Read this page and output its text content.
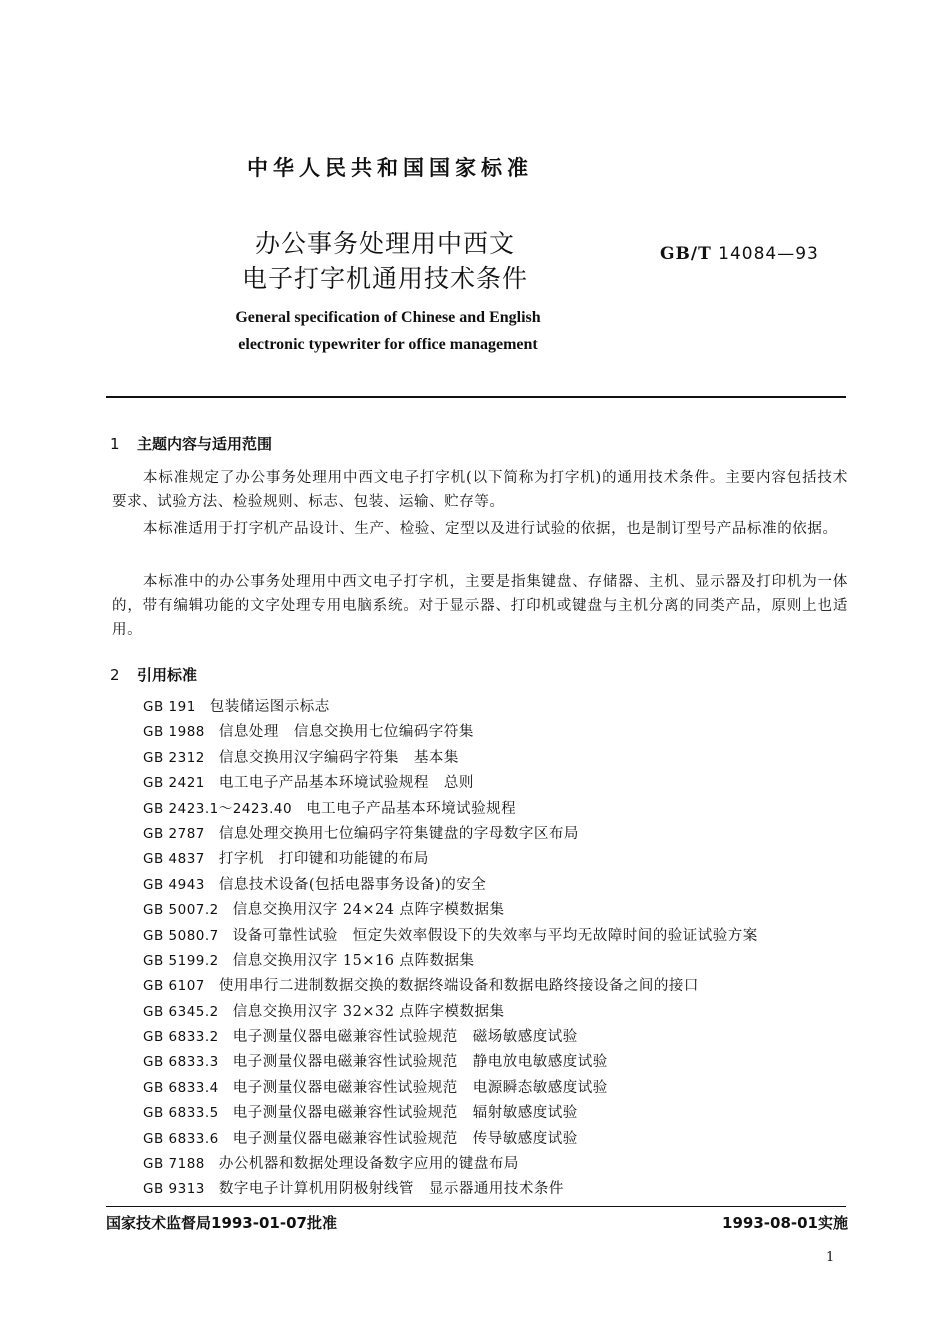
中华人民共和国国家标准
办公事务处理用中西文
电子打字机通用技术条件
GB/T 14084—93
General specification of Chinese and English
electronic typewriter for office management
1 主题内容与适用范围
本标准规定了办公事务处理用中西文电子打字机(以下简称为打字机)的通用技术条件。主要内容包括技术要求、试验方法、检验规则、标志、包装、运输、贮存等。
本标准适用于打字机产品设计、生产、检验、定型以及进行试验的依据，也是制订型号产品标准的依据。
本标准中的办公事务处理用中西文电子打字机，主要是指集键盘、存储器、主机、显示器及打印机为一体的，带有编辑功能的文字处理专用电脑系统。对于显示器、打印机或键盘与主机分离的同类产品，原则上也适用。
2 引用标准
GB 191 包装储运图示标志
GB 1988 信息处理　信息交换用七位编码字符集
GB 2312 信息交换用汉字编码字符集　基本集
GB 2421 电工电子产品基本环境试验规程　总则
GB 2423.1～2423.40 电工电子产品基本环境试验规程
GB 2787 信息处理交换用七位编码字符集键盘的字母数字区布局
GB 4837 打字机　打印键和功能键的布局
GB 4943 信息技术设备(包括电器事务设备)的安全
GB 5007.2 信息交换用汉字 24×24 点阵字模数据集
GB 5080.7 设备可靠性试验　恒定失效率假设下的失效率与平均无故障时间的验证试验方案
GB 5199.2 信息交换用汉字 15×16 点阵数据集
GB 6107 使用串行二进制数据交换的数据终端设备和数据电路终接设备之间的接口
GB 6345.2 信息交换用汉字 32×32 点阵字模数据集
GB 6833.2 电子测量仪器电磁兼容性试验规范　磁场敏感度试验
GB 6833.3 电子测量仪器电磁兼容性试验规范　静电放电敏感度试验
GB 6833.4 电子测量仪器电磁兼容性试验规范　电源瞬态敏感度试验
GB 6833.5 电子测量仪器电磁兼容性试验规范　辐射敏感度试验
GB 6833.6 电子测量仪器电磁兼容性试验规范　传导敏感度试验
GB 7188 办公机器和数据处理设备数字应用的键盘布局
GB 9313 数字电子计算机用阴极射线管　显示器通用技术条件
国家技术监督局1993-01-07批准	1993-08-01实施
1
